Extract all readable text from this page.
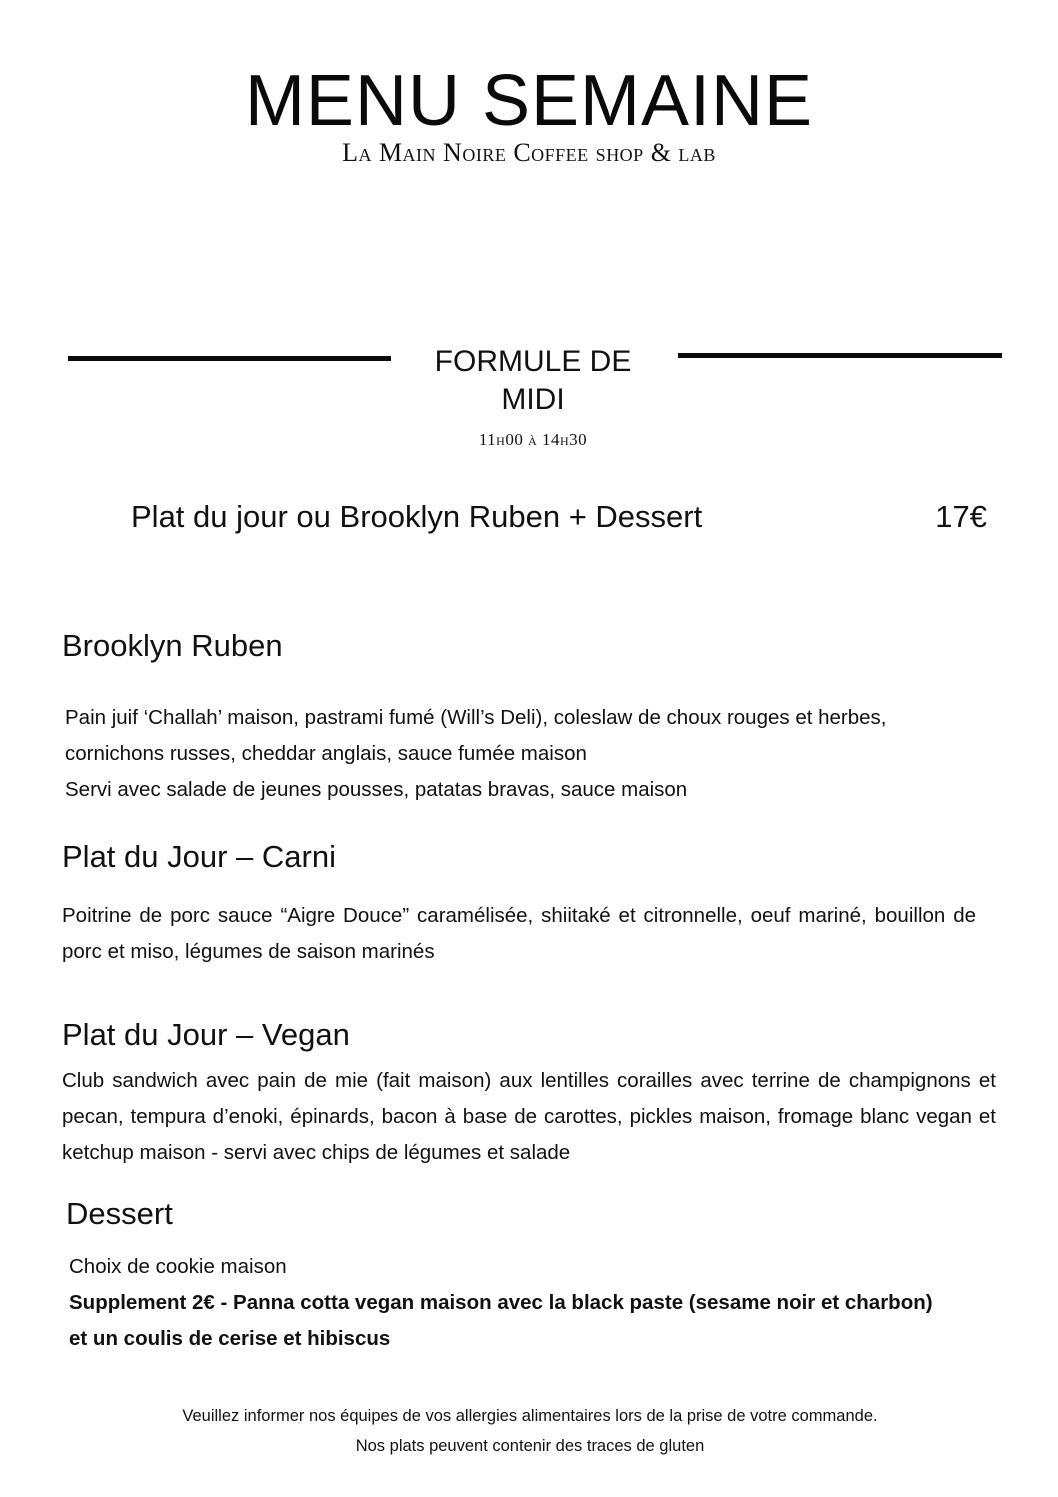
MENU SEMAINE
La Main Noire Coffee shop & lab
FORMULE DE
MIDI
11h00 à 14h30
Plat du jour ou Brooklyn Ruben + Dessert	17€
Brooklyn Ruben

Pain juif ‘Challah’ maison, pastrami fumé (Will’s Deli), coleslaw de choux rouges et herbes,

cornichons russes, cheddar anglais, sauce fumée maison

Servi avec salade de jeunes pousses, patatas bravas, sauce maison

Plat du Jour – Carni
Poitrine de porc sauce “Aigre Douce” caramélisée, shiitaké et citronnelle, oeuf mariné, bouillon de porc et miso, légumes de saison marinés
Plat du Jour – Vegan
Club sandwich avec pain de mie (fait maison) aux lentilles corailles avec terrine de champignons et pecan, tempura d’enoki, épinards, bacon à base de carottes, pickles maison, fromage blanc vegan et ketchup maison - servi avec chips de légumes et salade
Dessert

Choix de cookie maison

Supplement 2€ - Panna cotta vegan maison avec la black paste (sesame noir et charbon) et un coulis de cerise et hibiscus

Veuillez informer nos équipes de vos allergies alimentaires lors de la prise de votre commande.

Nos plats peuvent contenir des traces de gluten
